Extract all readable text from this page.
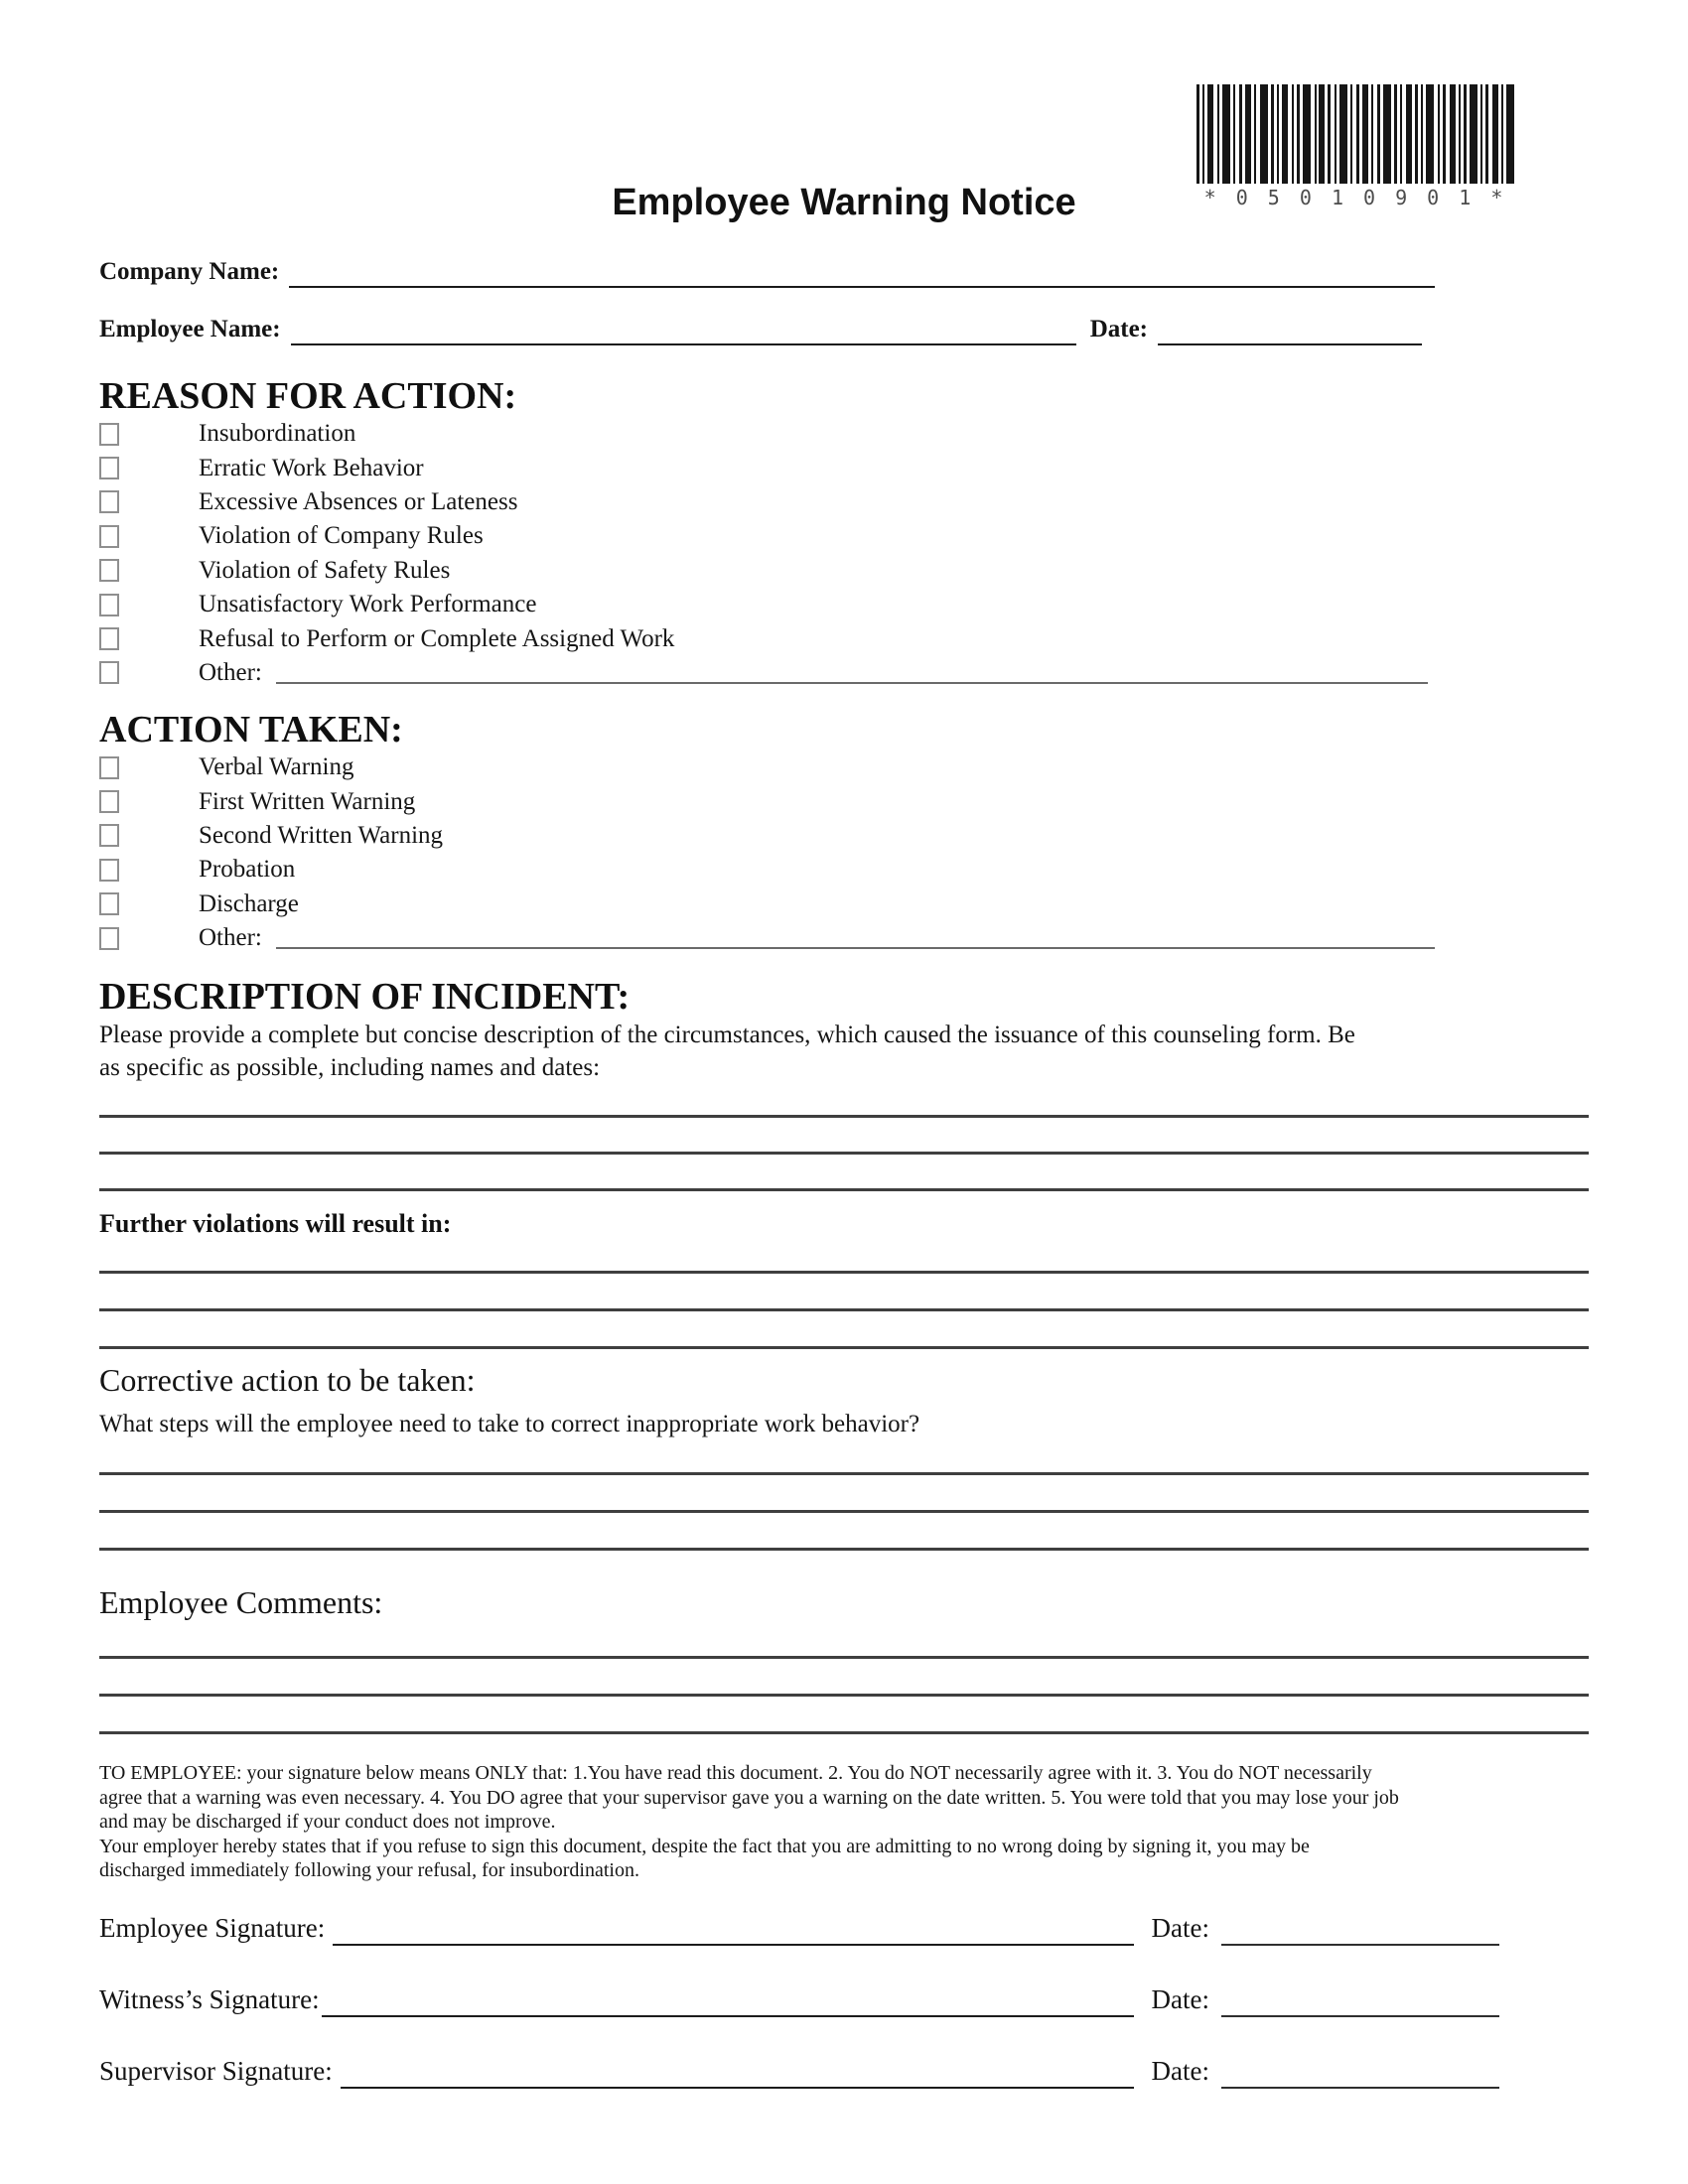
* 0 5 0 1 0 9 0 1 *
Employee Warning Notice
Company Name:
Employee Name:	Date:
REASON FOR ACTION:
Insubordination
Erratic Work Behavior
Excessive Absences or Lateness
Violation of Company Rules
Violation of Safety Rules
Unsatisfactory Work Performance
Refusal to Perform or Complete Assigned Work
Other:
ACTION TAKEN:
Verbal Warning
First Written Warning
Second Written Warning
Probation
Discharge
Other:
DESCRIPTION OF INCIDENT:
Please provide a complete but concise description of the circumstances, which caused the issuance of this counseling form. Be
as specific as possible, including names and dates:
Further violations will result in:
Corrective action to be taken:
What steps will the employee need to take to correct inappropriate work behavior?
Employee Comments:
TO EMPLOYEE: your signature below means ONLY that: 1.You have read this document. 2. You do NOT necessarily agree with it. 3. You do NOT necessarily
agree that a warning was even necessary. 4. You DO agree that your supervisor gave you a warning on the date written. 5. You were told that you may lose your job
and may be discharged if your conduct does not improve.
Your employer hereby states that if you refuse to sign this document, despite the fact that you are admitting to no wrong doing by signing it, you may be
discharged immediately following your refusal, for insubordination.
Employee Signature:	Date:
Witness’s Signature:	Date:
Supervisor Signature:	Date:
